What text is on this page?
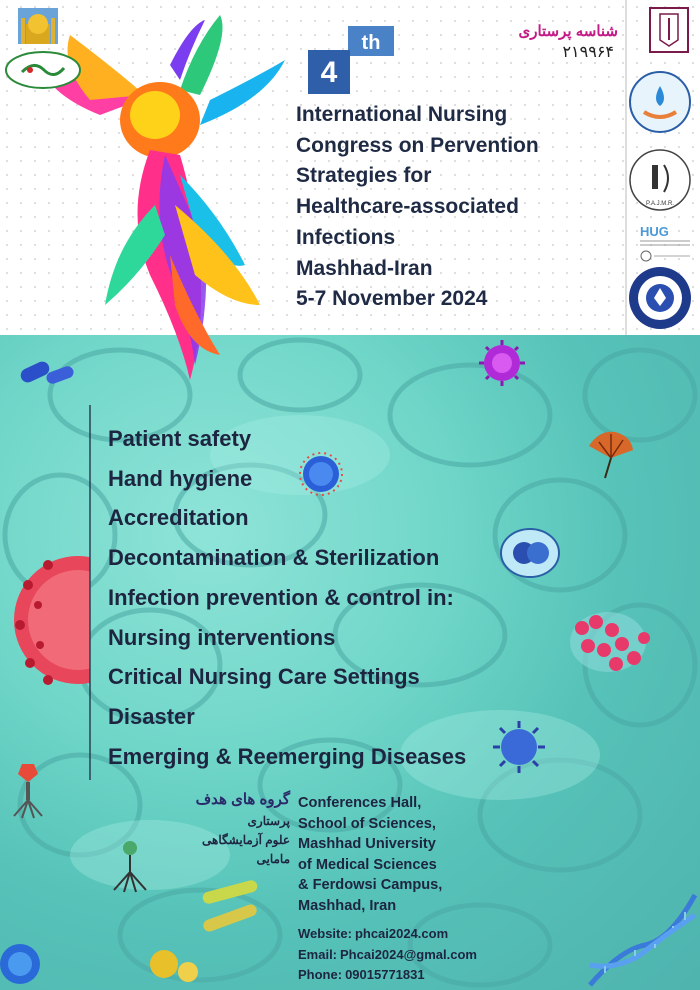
4
th
شناسه پرستاری
۲۱۹۹۶۴
International Nursing
Congress on Pervention
Strategies for
Healthcare-associated
Infections
Mashhad-Iran
5-7 November 2024
P.A.J.M.R.
HUG
Patient safety
Hand hygiene
Accreditation
Decontamination & Sterilization
Infection prevention & control in:
Nursing interventions
Critical Nursing Care Settings
Disaster
Emerging & Reemerging Diseases
گروه های هدف
پرستاری
علوم آزمایشگاهی
مامایی

Conferences Hall,
School of Sciences,
Mashhad University
of Medical Sciences
& Ferdowsi Campus,
Mashhad, Iran

Website: phcai2024.com
Email: Phcai2024@gmal.com
Phone: 09015771831
